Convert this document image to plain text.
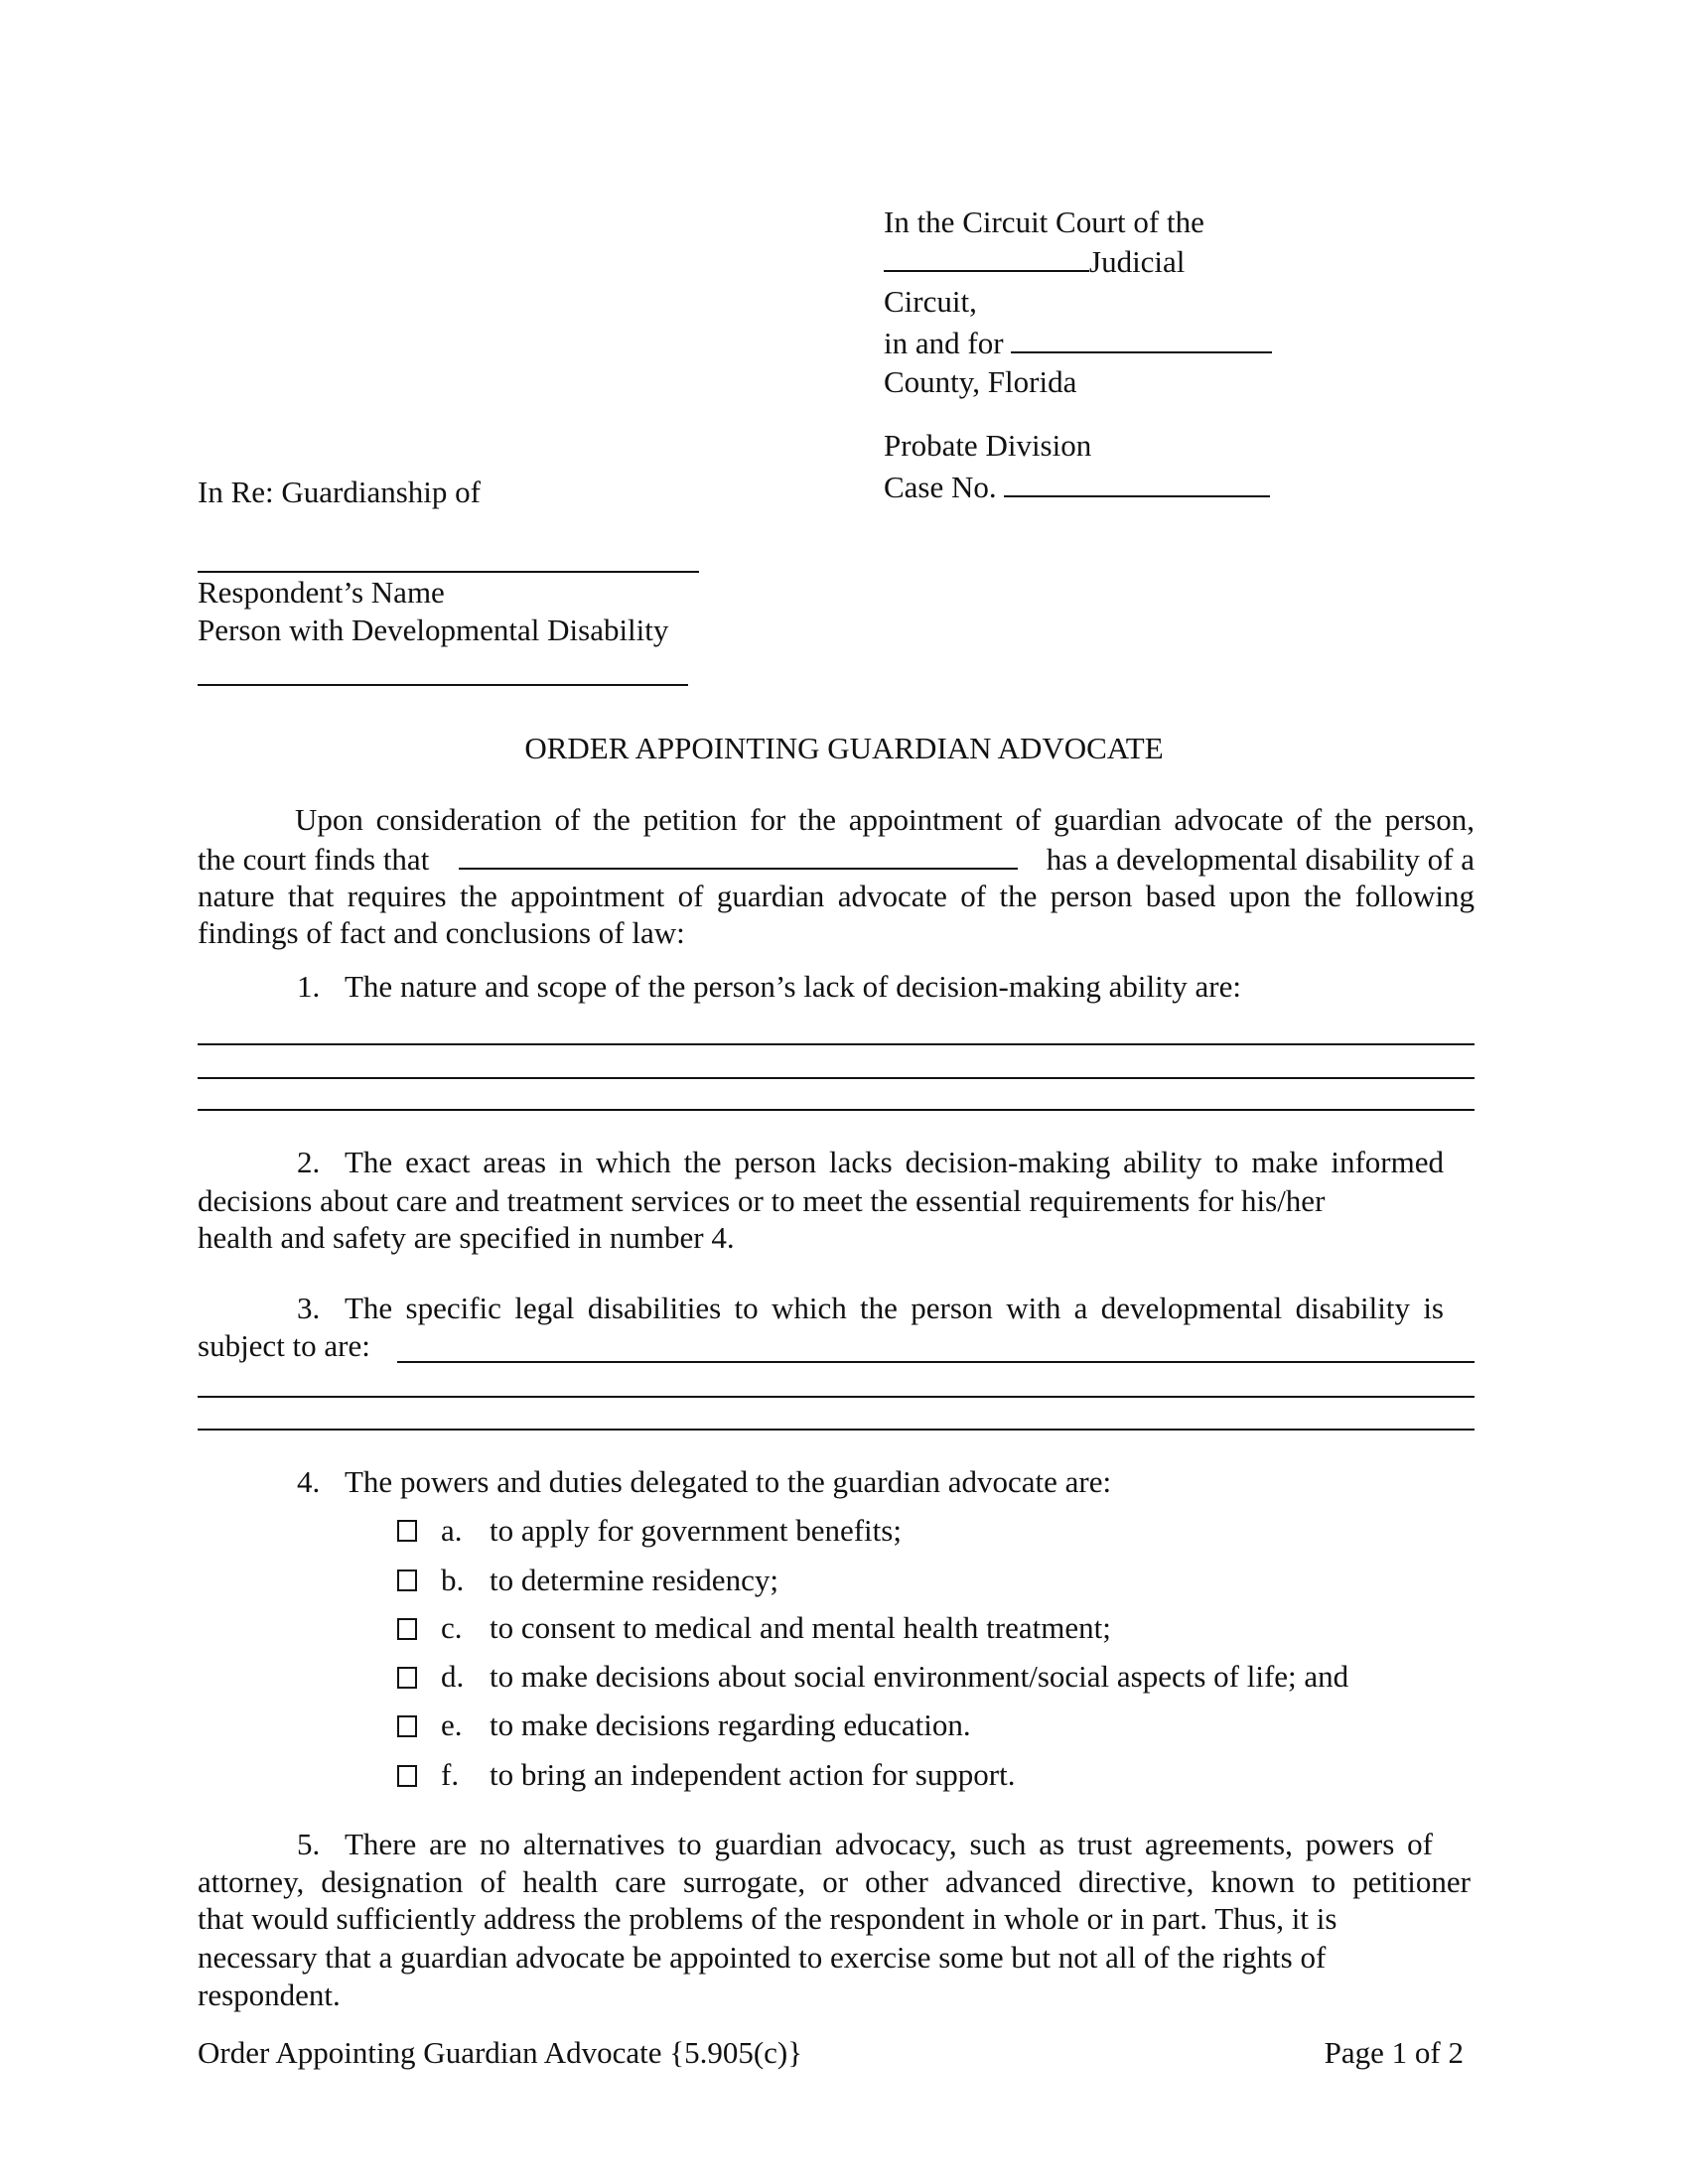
In the Circuit Court of the
Judicial
Circuit,
in and for
County, Florida
Probate Division
Case No.
In Re: Guardianship of
Respondent’s Name
Person with Developmental Disability
ORDER APPOINTING GUARDIAN ADVOCATE
Upon consideration of the petition for the appointment of guardian advocate of the person,
the court finds that	has a developmental disability of a
nature that requires the appointment of guardian advocate of the person based upon the following
findings of fact and conclusions of law:
1. The nature and scope of the person’s lack of decision-making ability are:
2. The exact areas in which the person lacks decision-making ability to make informed
decisions about care and treatment services or to meet the essential requirements for his/her
health and safety are specified in number 4.
3. The specific legal disabilities to which the person with a developmental disability is
subject to are:
4. The powers and duties delegated to the guardian advocate are:
a. to apply for government benefits;
b. to determine residency;
c. to consent to medical and mental health treatment;
d. to make decisions about social environment/social aspects of life; and
e. to make decisions regarding education.
f. to bring an independent action for support.
5. There are no alternatives to guardian advocacy, such as trust agreements, powers of
attorney, designation of health care surrogate, or other advanced directive, known to petitioner
that would sufficiently address the problems of the respondent in whole or in part. Thus, it is
necessary that a guardian advocate be appointed to exercise some but not all of the rights of
respondent.
Order Appointing Guardian Advocate {5.905(c)}	Page 1 of 2
